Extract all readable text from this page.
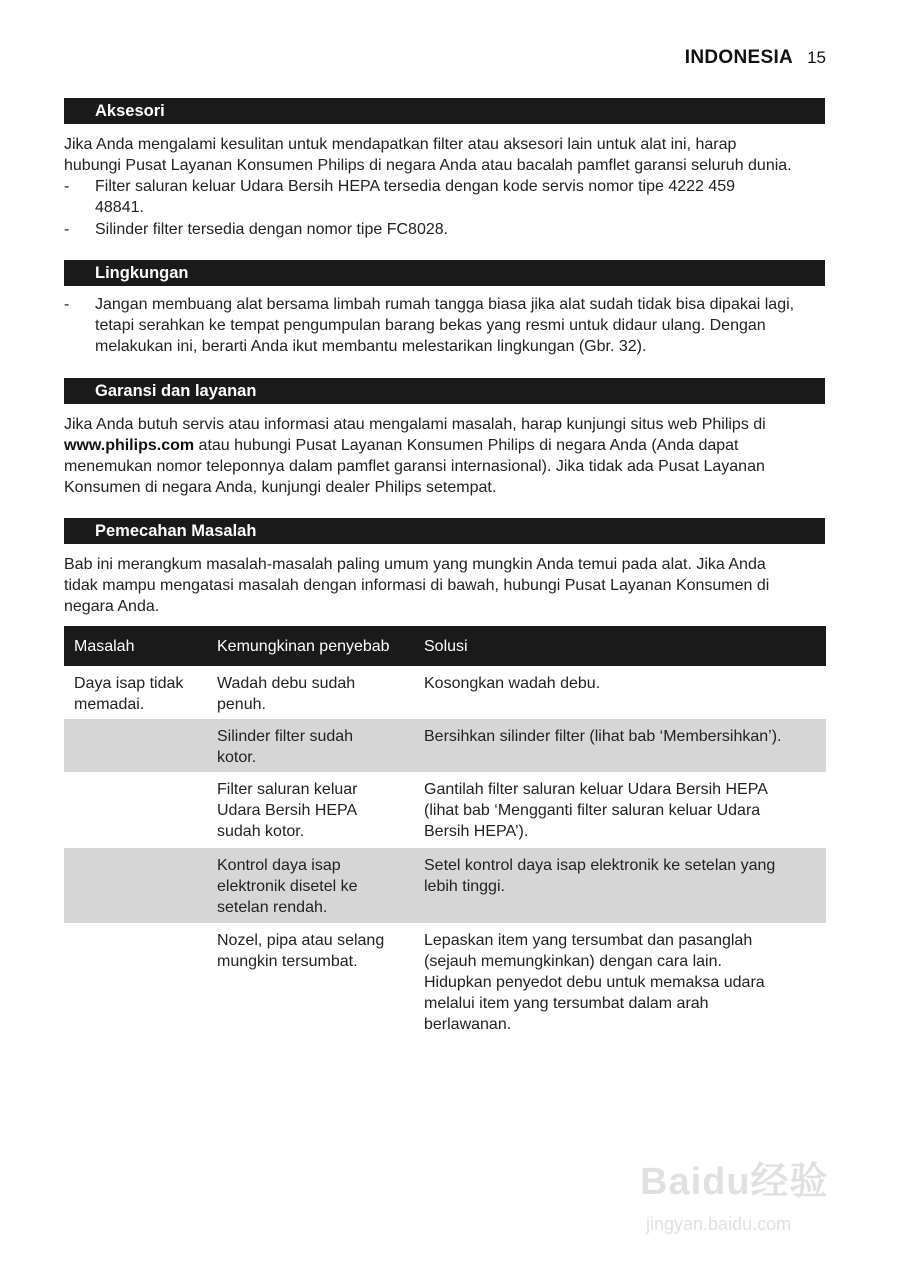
INDONESIA 15
Aksesori
Jika Anda mengalami kesulitan untuk mendapatkan filter atau aksesori lain untuk alat ini, harap
hubungi Pusat Layanan Konsumen Philips di negara Anda atau bacalah pamflet garansi seluruh dunia.
- Filter saluran keluar Udara Bersih HEPA tersedia dengan kode servis nomor tipe 4222 459
48841.
- Silinder filter tersedia dengan nomor tipe FC8028.
Lingkungan
- Jangan membuang alat bersama limbah rumah tangga biasa jika alat sudah tidak bisa dipakai lagi,
tetapi serahkan ke tempat pengumpulan barang bekas yang resmi untuk didaur ulang. Dengan
melakukan ini, berarti Anda ikut membantu melestarikan lingkungan (Gbr. 32).
Garansi dan layanan
Jika Anda butuh servis atau informasi atau mengalami masalah, harap kunjungi situs web Philips di
www.philips.com atau hubungi Pusat Layanan Konsumen Philips di negara Anda (Anda dapat
menemukan nomor teleponnya dalam pamflet garansi internasional). Jika tidak ada Pusat Layanan
Konsumen di negara Anda, kunjungi dealer Philips setempat.
Pemecahan Masalah
Bab ini merangkum masalah-masalah paling umum yang mungkin Anda temui pada alat. Jika Anda
tidak mampu mengatasi masalah dengan informasi di bawah, hubungi Pusat Layanan Konsumen di
negara Anda.
Masalah	Kemungkinan penyebab	Solusi
Daya isap tidak
memadai.
Wadah debu sudah
penuh.
Kosongkan wadah debu.
Silinder filter sudah
kotor.
Bersihkan silinder filter (lihat bab ‘Membersihkan’).
Filter saluran keluar
Udara Bersih HEPA
sudah kotor.
Gantilah filter saluran keluar Udara Bersih HEPA
(lihat bab ‘Mengganti filter saluran keluar Udara
Bersih HEPA’).
Kontrol daya isap
elektronik disetel ke
setelan rendah.
Setel kontrol daya isap elektronik ke setelan yang
lebih tinggi.
Nozel, pipa atau selang
mungkin tersumbat.
Lepaskan item yang tersumbat dan pasanglah
(sejauh memungkinkan) dengan cara lain.
Hidupkan penyedot debu untuk memaksa udara
melalui item yang tersumbat dalam arah
berlawanan.
Baidu经验
jingyan.baidu.com
